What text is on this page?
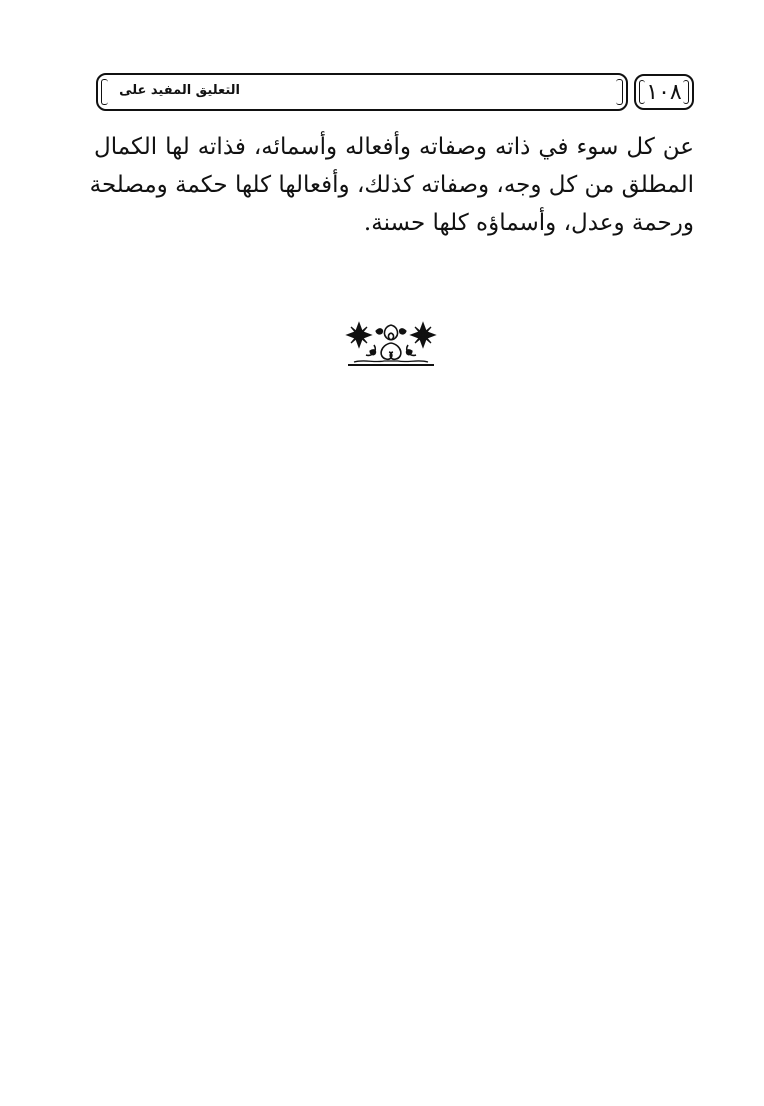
١٠٨
التعليق المفيد على
عن كل سوء في ذاته وصفاته وأفعاله وأسمائه، فذاته لها الكمال
المطلق من كل وجه، وصفاته كذلك، وأفعالها كلها حكمة ومصلحة
ورحمة وعدل، وأسماؤه كلها حسنة.
